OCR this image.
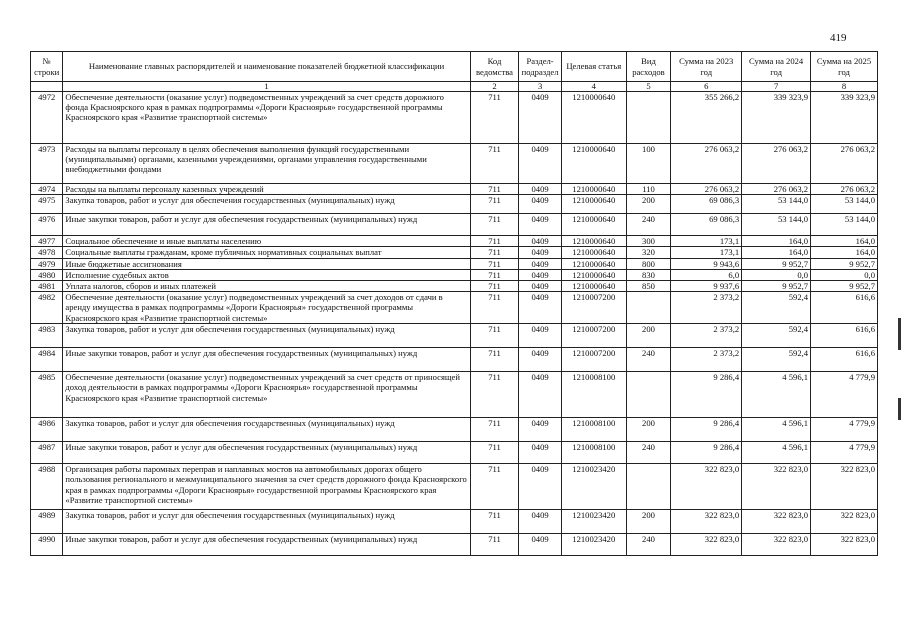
419
№ строки	Наименование главных распорядителей и наименование показателей бюджетной классификации	Код ведомства	Раздел-подраздел	Целевая статья	Вид расходов	Сумма на 2023 год	Сумма на 2024 год	Сумма на 2025 год
	1	2	3	4	5	6	7	8
4972	Обеспечение деятельности (оказание услуг) подведомственных учреждений за счет средств дорожного фонда Красноярского края в рамках подпрограммы «Дороги Красноярья» государственной программы Красноярского края «Развитие транспортной системы»	711	0409	1210000640		355 266,2	339 323,9	339 323,9
4973	Расходы на выплаты персоналу в целях обеспечения выполнения функций государственными (муниципальными) органами, казенными учреждениями, органами управления государственными внебюджетными фондами	711	0409	1210000640	100	276 063,2	276 063,2	276 063,2
4974	Расходы на выплаты персоналу казенных учреждений	711	0409	1210000640	110	276 063,2	276 063,2	276 063,2
4975	Закупка товаров, работ и услуг для обеспечения государственных (муниципальных) нужд	711	0409	1210000640	200	69 086,3	53 144,0	53 144,0
4976	Иные закупки товаров, работ и услуг для обеспечения государственных (муниципальных) нужд	711	0409	1210000640	240	69 086,3	53 144,0	53 144,0
4977	Социальное обеспечение и иные выплаты населению	711	0409	1210000640	300	173,1	164,0	164,0
4978	Социальные выплаты гражданам, кроме публичных нормативных социальных выплат	711	0409	1210000640	320	173,1	164,0	164,0
4979	Иные бюджетные ассигнования	711	0409	1210000640	800	9 943,6	9 952,7	9 952,7
4980	Исполнение судебных актов	711	0409	1210000640	830	6,0	0,0	0,0
4981	Уплата налогов, сборов и иных платежей	711	0409	1210000640	850	9 937,6	9 952,7	9 952,7
4982	Обеспечение деятельности (оказание услуг) подведомственных учреждений за счет доходов от сдачи в аренду имущества в рамках подпрограммы «Дороги Красноярья» государственной программы Красноярского края «Развитие транспортной системы»	711	0409	1210007200		2 373,2	592,4	616,6
4983	Закупка товаров, работ и услуг для обеспечения государственных (муниципальных) нужд	711	0409	1210007200	200	2 373,2	592,4	616,6
4984	Иные закупки товаров, работ и услуг для обеспечения государственных (муниципальных) нужд	711	0409	1210007200	240	2 373,2	592,4	616,6
4985	Обеспечение деятельности (оказание услуг) подведомственных учреждений за счет средств от приносящей доход деятельности в рамках подпрограммы «Дороги Красноярья» государственной программы Красноярского края «Развитие транспортной системы»	711	0409	1210008100		9 286,4	4 596,1	4 779,9
4986	Закупка товаров, работ и услуг для обеспечения государственных (муниципальных) нужд	711	0409	1210008100	200	9 286,4	4 596,1	4 779,9
4987	Иные закупки товаров, работ и услуг для обеспечения государственных (муниципальных) нужд	711	0409	1210008100	240	9 286,4	4 596,1	4 779,9
4988	Организация работы паромных переправ и наплавных мостов на автомобильных дорогах общего пользования регионального и межмуниципального значения за счет средств дорожного фонда Красноярского края в рамках подпрограммы «Дороги Красноярья» государственной программы Красноярского края «Развитие транспортной системы»	711	0409	1210023420		322 823,0	322 823,0	322 823,0
4989	Закупка товаров, работ и услуг для обеспечения государственных (муниципальных) нужд	711	0409	1210023420	200	322 823,0	322 823,0	322 823,0
4990	Иные закупки товаров, работ и услуг для обеспечения государственных (муниципальных) нужд	711	0409	1210023420	240	322 823,0	322 823,0	322 823,0
